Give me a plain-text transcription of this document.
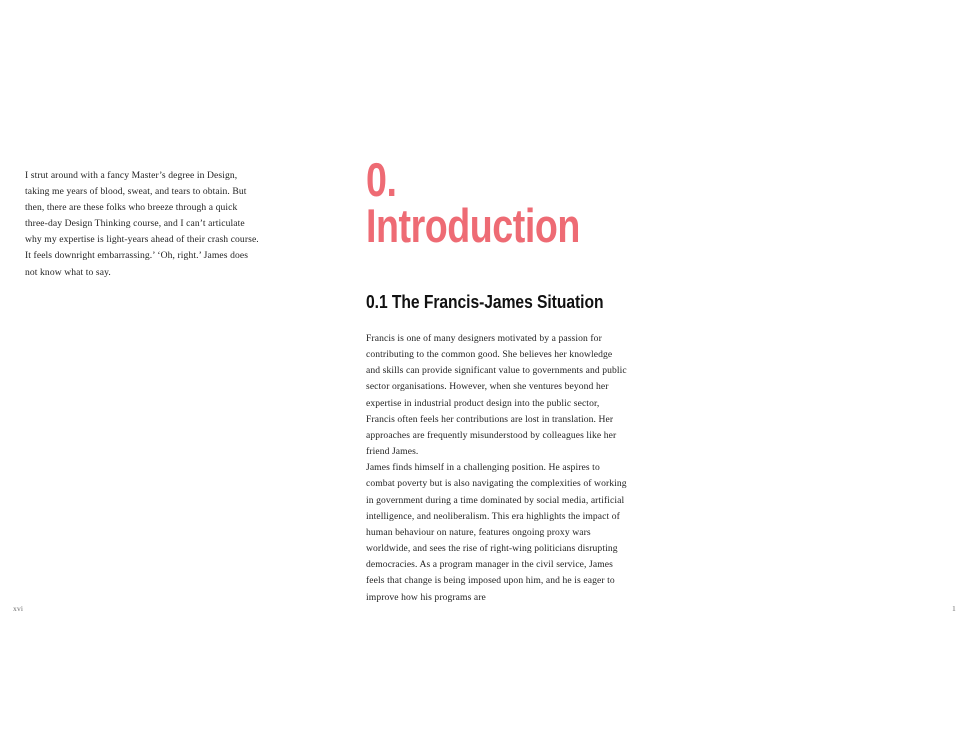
I strut around with a fancy Master’s degree in Design, taking me years of blood, sweat, and tears to obtain. But then, there are these folks who breeze through a quick three-day Design Thinking course, and I can’t articulate why my expertise is light-years ahead of their crash course. It feels downright embarrassing.’ ‘Oh, right.’ James does not know what to say.

xvi
0.
Introduction
0.1 The Francis-James Situation

Francis is one of many designers motivated by a passion for contributing to the common good. She believes her knowledge and skills can provide significant value to governments and public sector organisations. However, when she ventures beyond her expertise in industrial product design into the public sector, Francis often feels her contributions are lost in translation. Her approaches are frequently misunderstood by colleagues like her friend James.

James finds himself in a challenging position. He aspires to combat poverty but is also navigating the complexities of working in government during a time dominated by social media, artificial intelligence, and neoliberalism. This era highlights the impact of human behaviour on nature, features ongoing proxy wars worldwide, and sees the rise of right-wing politicians disrupting democracies. As a program manager in the civil service, James feels that change is being imposed upon him, and he is eager to improve how his programs are

1
